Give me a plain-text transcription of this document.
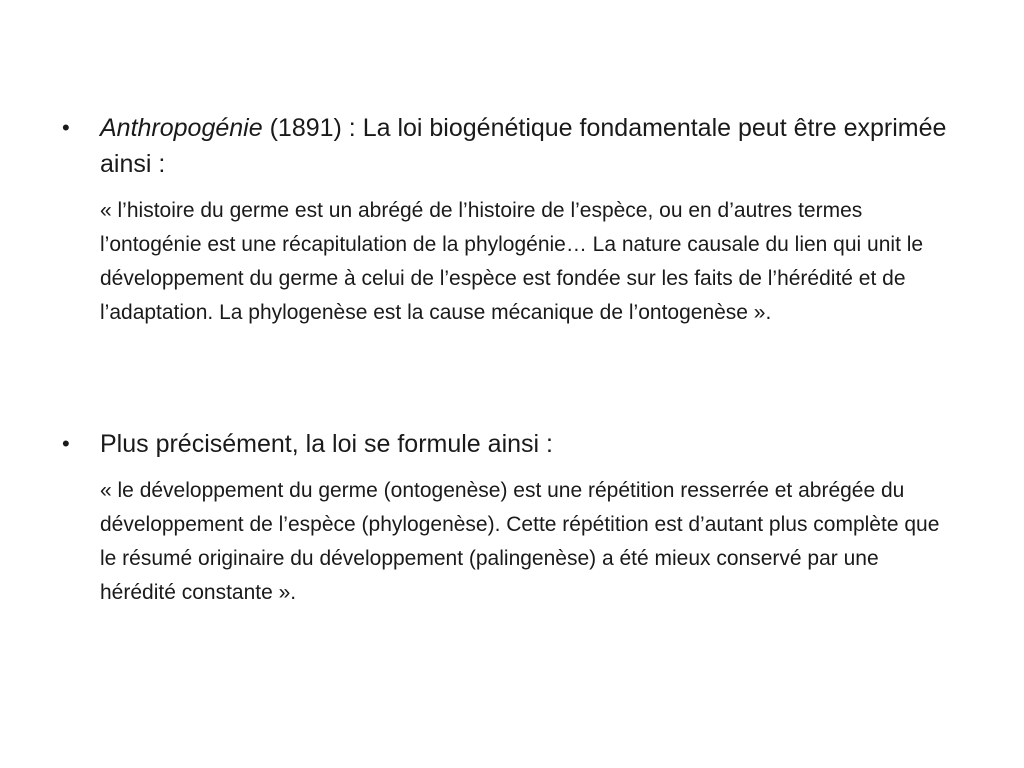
•	Anthropogénie (1891) : La loi biogénétique fondamentale peut être exprimée ainsi :
« l’histoire du germe est un abrégé de l’histoire de l’espèce, ou en d’autres termes l’ontogénie est une récapitulation de la phylogénie… La nature causale du lien qui unit le développement du germe à celui de l’espèce est fondée sur les faits de l’hérédité et de l’adaptation. La phylogenèse est la cause mécanique de l’ontogenèse ».
•	Plus précisément, la loi se formule ainsi :
« le développement du germe (ontogenèse) est une répétition resserrée et abrégée du développement de l’espèce (phylogenèse). Cette répétition est d’autant plus complète que le résumé originaire du développement (palingenèse) a été mieux conservé par une hérédité constante ».
